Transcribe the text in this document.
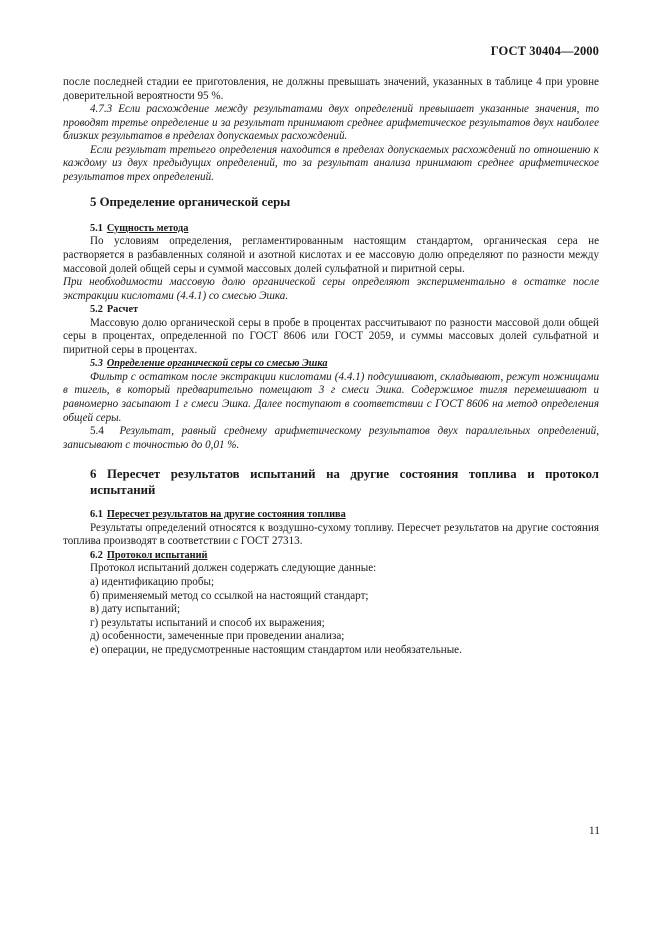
ГОСТ 30404—2000

после последней стадии ее приготовления, не должны превышать значений, указанных в таблице 4 при уровне доверительной вероятности 95 %.

4.7.3 Если расхождение между результатами двух определений превышает указанные значения, то проводят третье определение и за результат принимают среднее арифметическое результатов двух наиболее близких результатов в пределах допускаемых расхождений.

Если результат третьего определения находится в пределах допускаемых расхождений по отношению к каждому из двух предыдущих определений, то за результат анализа принимают среднее арифметическое результатов трех определений.

5 Определение органической серы

5.1 Сущность метода

По условиям определения, регламентированным настоящим стандартом, органическая сера не растворяется в разбавленных соляной и азотной кислотах и ее массовую долю определяют по разности между массовой долей общей серы и суммой массовых долей сульфатной и пиритной серы.

При необходимости массовую долю органической серы определяют экспериментально в остатке после экстракции кислотами (4.4.1) со смесью Эшка.

5.2 Расчет

Массовую долю органической серы в пробе в процентах рассчитывают по разности массовой доли общей серы в процентах, определенной по ГОСТ 8606 или ГОСТ 2059, и суммы массовых долей сульфатной и пиритной серы в процентах.

5.3 Определение органической серы со смесью Эшка

Фильтр с остатком после экстракции кислотами (4.4.1) подсушивают, складывают, режут ножницами в тигель, в который предварительно помещают 3 г смеси Эшка. Содержимое тигля перемешивают и равномерно засыпают 1 г смеси Эшка. Далее поступают в соответствии с ГОСТ 8606 на метод определения общей серы.

5.4 Результат, равный среднему арифметическому результатов двух параллельных определений, записывают с точностью до 0,01 %.

6 Пересчет результатов испытаний на другие состояния топлива и протокол испытаний

6.1 Пересчет результатов на другие состояния топлива

Результаты определений относятся к воздушно-сухому топливу. Пересчет результатов на другие состояния топлива производят в соответствии с ГОСТ 27313.

6.2 Протокол испытаний

Протокол испытаний должен содержать следующие данные:

а) идентификацию пробы;

б) применяемый метод со ссылкой на настоящий стандарт;

в) дату испытаний;

г) результаты испытаний и способ их выражения;

д) особенности, замеченные при проведении анализа;

е) операции, не предусмотренные настоящим стандартом или необязательные.

11
